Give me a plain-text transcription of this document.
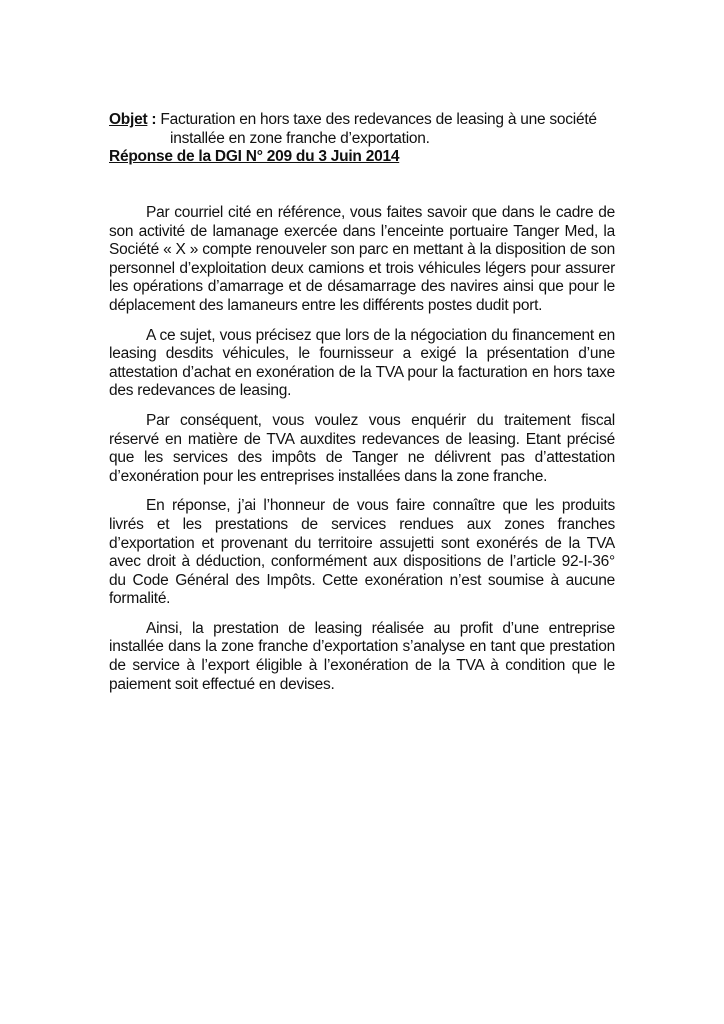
Objet : Facturation en hors taxe des redevances de leasing à une société
installée en zone franche d’exportation.
Réponse de la DGI N° 209 du 3 Juin 2014

Par courriel cité en référence, vous faites savoir que dans le cadre de son activité de lamanage exercée dans l’enceinte portuaire Tanger Med, la Société « X » compte renouveler son parc en mettant à la disposition de son personnel d’exploitation deux camions et trois véhicules légers pour assurer les opérations d’amarrage et de désamarrage des navires ainsi que pour le déplacement des lamaneurs entre les différents postes dudit port.

A ce sujet, vous précisez que lors de la négociation du financement en leasing desdits véhicules, le fournisseur a exigé la présentation d’une attestation d’achat en exonération de la TVA pour la facturation en hors taxe des redevances de leasing.

Par conséquent, vous voulez vous enquérir du traitement fiscal réservé en matière de TVA auxdites redevances de leasing. Etant précisé que les services des impôts de Tanger ne délivrent pas d’attestation d’exonération pour les entreprises installées dans la zone franche.

En réponse, j’ai l’honneur de vous faire connaître que les produits livrés et les prestations de services rendues aux zones franches d’exportation et provenant du territoire assujetti sont exonérés de la TVA avec droit à déduction, conformément aux dispositions de l’article 92-I-36° du Code Général des Impôts. Cette exonération n’est soumise à aucune formalité.

Ainsi, la prestation de leasing réalisée au profit d’une entreprise installée dans la zone franche d’exportation s’analyse en tant que prestation de service à l’export éligible à l’exonération de la TVA à condition que le paiement soit effectué en devises.
